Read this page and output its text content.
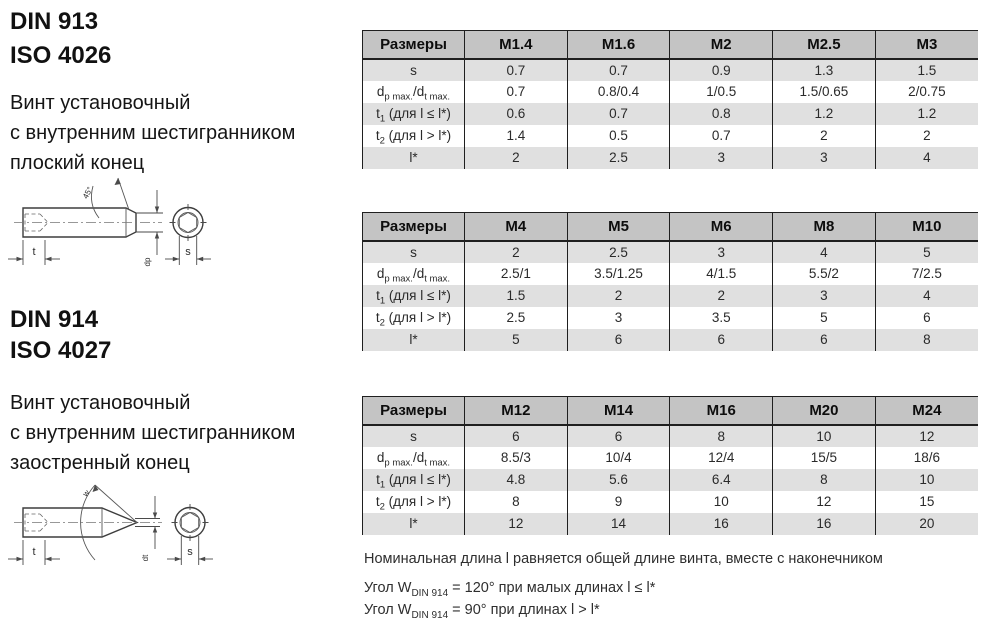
DIN 913
ISO 4026
Винт установочный
с внутренним шестигранником
плоский конец
45°
t
dp
s
DIN 914
ISO 4027
Винт установочный
с внутренним шестигранником
заостренный конец
w
t	dt	s
Размеры	M1.4	M1.6	M2	M2.5	M3
s	0.7	0.7	0.9	1.3	1.5
$d_{p max.}/d_{t max.}$	0.7	0.8/0.4	1/0.5	1.5/0.65	2/0.75
$t_1$ (для l ≤ l*)	0.6	0.7	0.8	1.2	1.2
$t_2$ (для l > l*)	1.4	0.5	0.7	2	2
l*	2	2.5	3	3	4
Размеры	M4	M5	M6	M8	M10
s	2	2.5	3	4	5
$d_{p max.}/d_{t max.}$	2.5/1	3.5/1.25	4/1.5	5.5/2	7/2.5
$t_1$ (для l ≤ l*)	1.5	2	2	3	4
$t_2$ (для l > l*)	2.5	3	3.5	5	6
l*	5	6	6	6	8
Размеры	M12	M14	M16	M20	M24
s	6	6	8	10	12
$d_{p max.}/d_{t max.}$	8.5/3	10/4	12/4	15/5	18/6
$t_1$ (для l ≤ l*)	4.8	5.6	6.4	8	10
$t_2$ (для l > l*)	8	9	10	12	15
l*	12	14	16	16	20
Номинальная длина l равняется общей длине винта, вместе с наконечником
Угол $W_{DIN 914} = 120^\circ$ при малых длинах l ≤ l*
Угол $W_{DIN 914} = 90^\circ$ при длинах l > l*
